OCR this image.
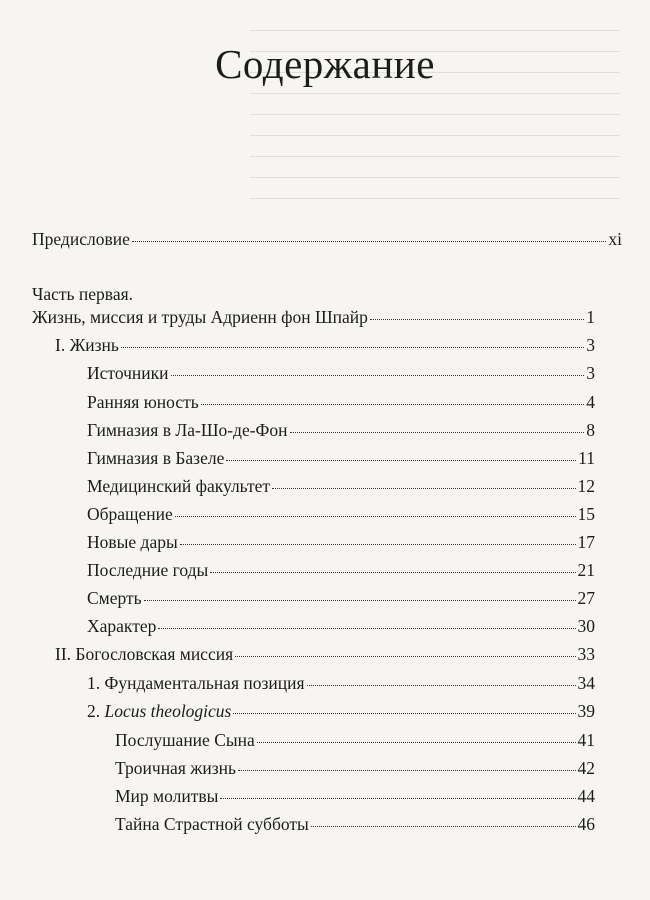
Содержание
Предисловие	xi
Часть первая.
Жизнь, миссия и труды Адриенн фон Шпайр	1
I. Жизнь	3
Источники	3
Ранняя юность	4
Гимназия в Ла-Шо-де-Фон	8
Гимназия в Базеле	11
Медицинский факультет	12
Обращение	15
Новые дары	17
Последние годы	21
Смерть	27
Характер	30
II. Богословская миссия	33
1. Фундаментальная позиция	34
2. Locus theologicus	39
Послушание Сына	41
Троичная жизнь	42
Мир молитвы	44
Тайна Страстной субботы	46
